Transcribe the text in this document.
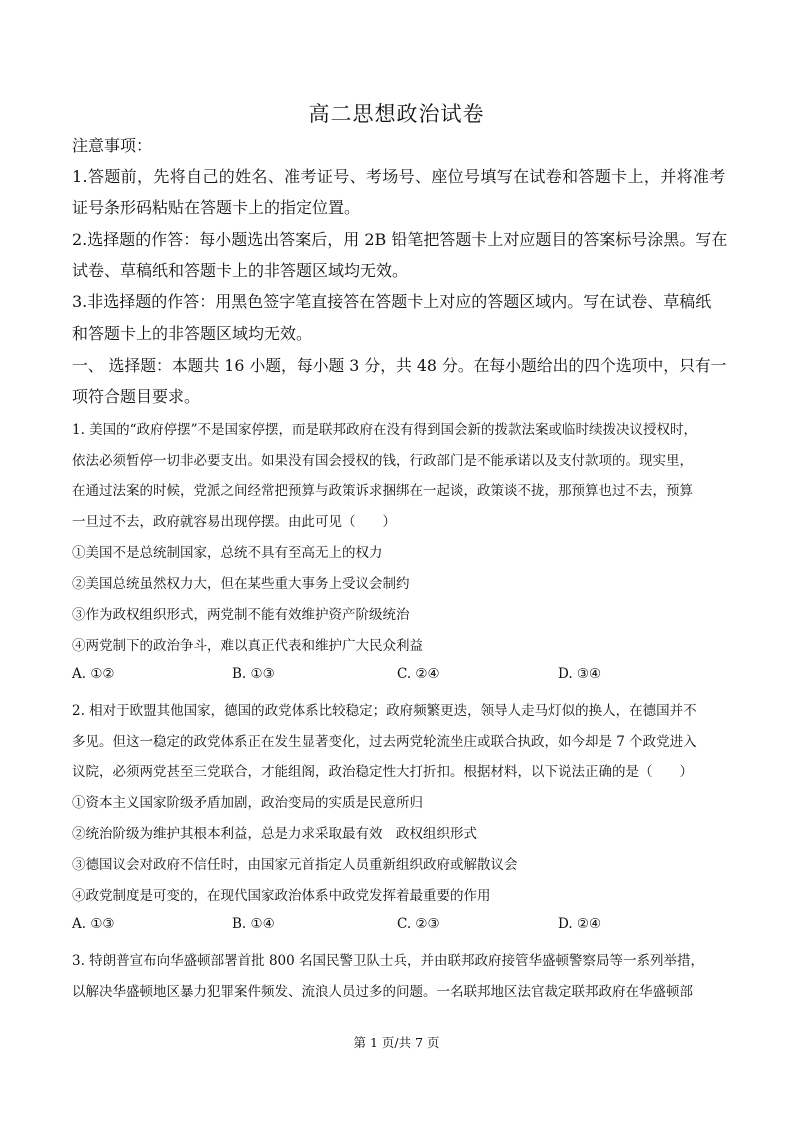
高二思想政治试卷
注意事项：
1.答题前，先将自己的姓名、准考证号、考场号、座位号填写在试卷和答题卡上，并将准考
证号条形码粘贴在答题卡上的指定位置。
2.选择题的作答：每小题选出答案后，用 2B 铅笔把答题卡上对应题目的答案标号涂黑。写在
试卷、草稿纸和答题卡上的非答题区域均无效。
3.非选择题的作答：用黑色签字笔直接答在答题卡上对应的答题区域内。写在试卷、草稿纸
和答题卡上的非答题区域均无效。
一、 选择题：本题共 16 小题，每小题 3 分，共 48 分。在每小题给出的四个选项中，只有一
项符合题目要求。
1. 美国的“政府停摆”不是国家停摆，而是联邦政府在没有得到国会新的拨款法案或临时续拨决议授权时，
依法必须暂停一切非必要支出。如果没有国会授权的钱，行政部门是不能承诺以及支付款项的。现实里，
在通过法案的时候，党派之间经常把预算与政策诉求捆绑在一起谈，政策谈不拢，那预算也过不去，预算
一旦过不去，政府就容易出现停摆。由此可见（　　）
①美国不是总统制国家，总统不具有至高无上的权力
②美国总统虽然权力大，但在某些重大事务上受议会制约
③作为政权组织形式，两党制不能有效维护资产阶级统治
④两党制下的政治争斗，难以真正代表和维护广大民众利益
A. ①②	B. ①③	C. ②④	D. ③④
2. 相对于欧盟其他国家，德国的政党体系比较稳定；政府频繁更迭，领导人走马灯似的换人，在德国并不
多见。但这一稳定的政党体系正在发生显著变化，过去两党轮流坐庄或联合执政，如今却是 7 个政党进入
议院，必须两党甚至三党联合，才能组阁，政治稳定性大打折扣。根据材料，以下说法正确的是（　　）
①资本主义国家阶级矛盾加剧，政治变局的实质是民意所归
②统治阶级为维护其根本利益，总是力求采取最有效　政权组织形式
③德国议会对政府不信任时，由国家元首指定人员重新组织政府或解散议会
④政党制度是可变的，在现代国家政治体系中政党发挥着最重要的作用
A. ①③	B. ①④	C. ②③	D. ②④
3. 特朗普宣布向华盛顿部署首批 800 名国民警卫队士兵，并由联邦政府接管华盛顿警察局等一系列举措，
以解决华盛顿地区暴力犯罪案件频发、流浪人员过多的问题。一名联邦地区法官裁定联邦政府在华盛顿部
第 1 页/共 7 页
